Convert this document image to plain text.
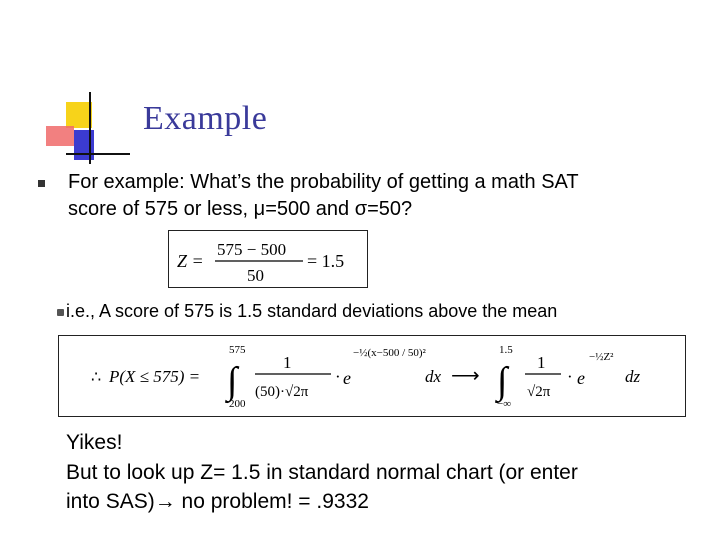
Example
For example: What’s the probability of getting a math SAT
score of 575 or less, μ=500 and σ=50?
Z =
575 − 500
50
= 1.5
i.e., A score of 575 is 1.5 standard deviations above the mean
∴ P(X ≤ 575) =
575
∫
200
1
(50)·√2π
· e
−½(x−500 / 50)²
dx ⟶
1.5
∫
−∞
1
√2π
· e
−½Z²
dz
Yikes!
But to look up Z= 1.5 in standard normal chart (or enter
into SAS)→ no problem! = .9332
